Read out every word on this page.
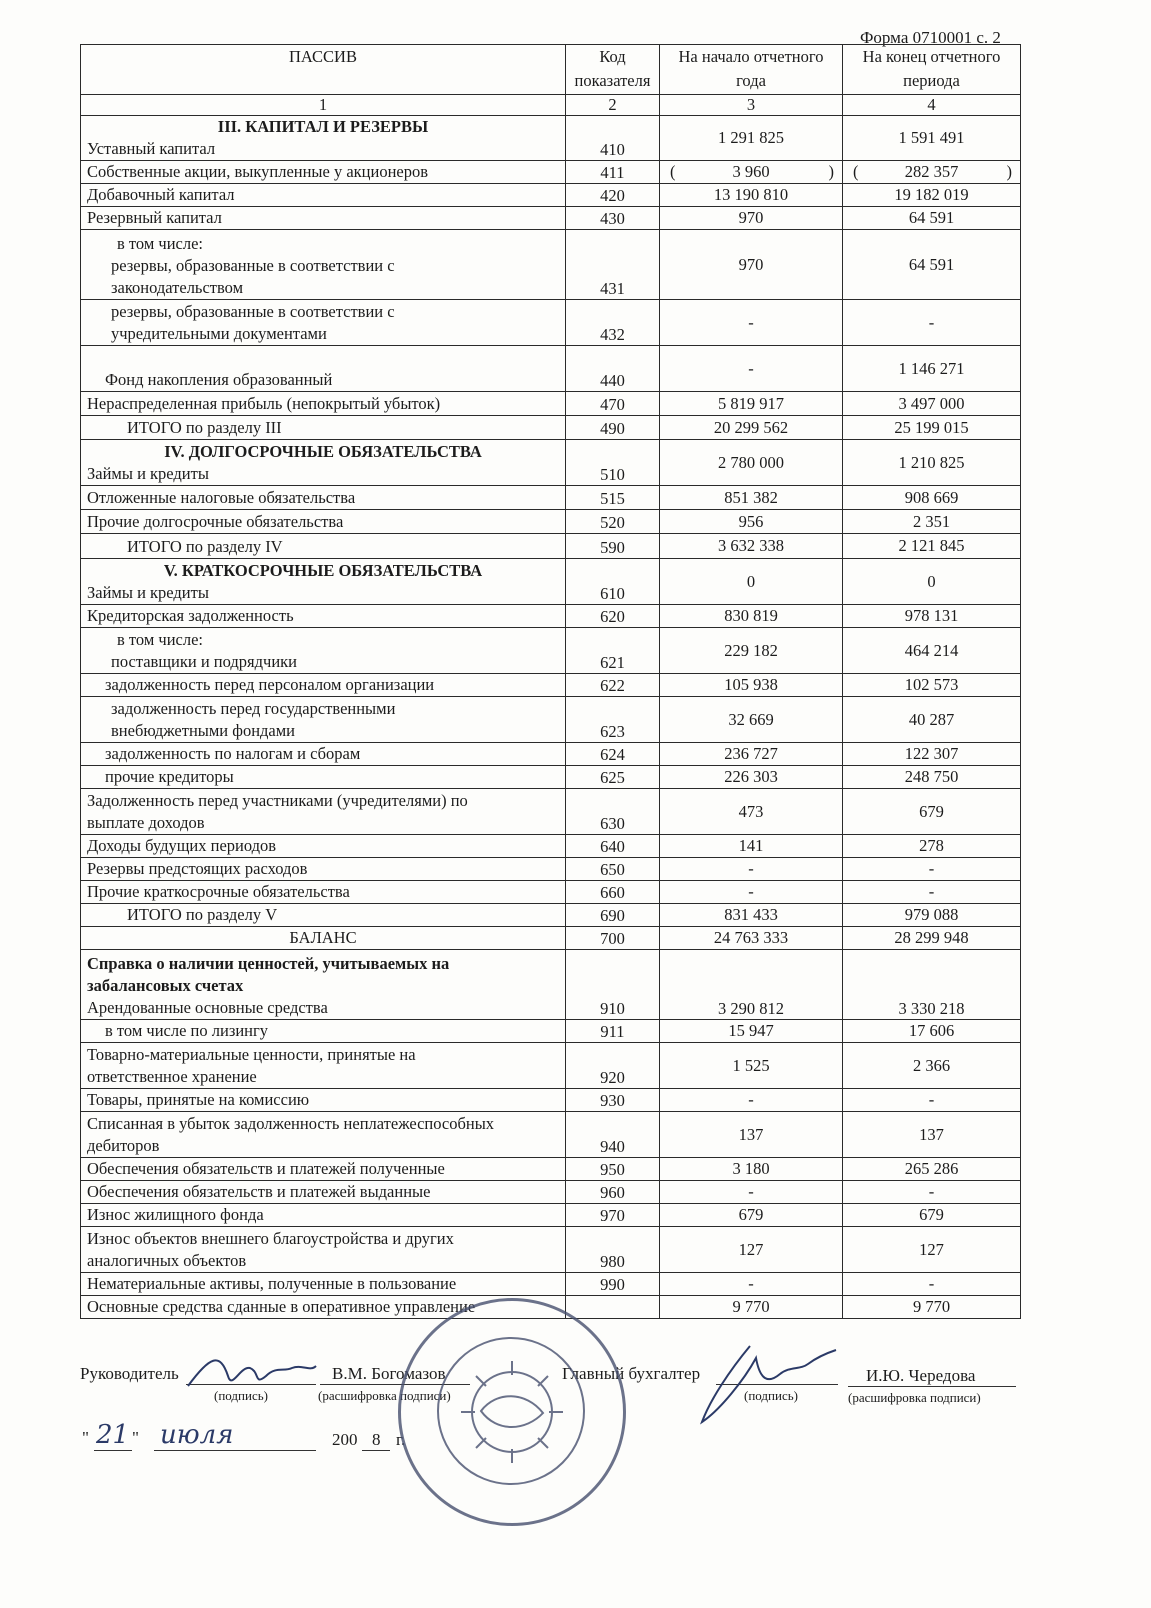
Форма 0710001 с. 2
ПАССИВ	Код показателя	На начало отчетного года	На конец отчетного периода
1	2	3	4

III. КАПИТАЛ И РЕЗЕРВЫ
Уставный капитал	410	1 291 825	1 591 491
Собственные акции, выкупленные у акционеров	411	( 3 960 )	( 282 357 )

Добавочный капитал	420	13 190 810	19 182 019
Резервный капитал	430	970	64 591

в том числе:
резервы, образованные в соответствии с
законодательством	431	970	64 591

резервы, образованные в соответствии с
учредительными документами	432	-	-
Фонд накопления образованный	440	-	1 146 271
Нераспределенная прибыль (непокрытый убыток)	470	5 819 917	3 497 000
ИТОГО по разделу III	490	20 299 562	25 199 015

IV. ДОЛГОСРОЧНЫЕ ОБЯЗАТЕЛЬСТВА
Займы и кредиты	510	2 780 000	1 210 825
Отложенные налоговые обязательства	515	851 382	908 669
Прочие долгосрочные обязательства	520	956	2 351
ИТОГО по разделу IV	590	3 632 338	2 121 845

V. КРАТКОСРОЧНЫЕ ОБЯЗАТЕЛЬСТВА
Займы и кредиты	610	0	0
Кредиторская задолженность	620	830 819	978 131

в том числе:
поставщики и подрядчики	621	229 182	464 214
задолженность перед персоналом организации	622	105 938	102 573

задолженность перед государственными
внебюджетными фондами	623	32 669	40 287
задолженность по налогам и сборам	624	236 727	122 307
прочие кредиторы	625	226 303	248 750

Задолженность перед участниками (учредителями) по
выплате доходов	630	473	679
Доходы будущих периодов	640	141	278
Резервы предстоящих расходов	650	-	-
Прочие краткосрочные обязательства	660	-	-
ИТОГО по разделу V	690	831 433	979 088
БАЛАНС	700	24 763 333	28 299 948

Справка о наличии ценностей, учитываемых на
забалансовых счетах
Арендованные основные средства	910	3 290 812	3 330 218
в том числе по лизингу	911	15 947	17 606

Товарно-материальные ценности, принятые на
ответственное хранение	920	1 525	2 366
Товары, принятые на комиссию	930	-	-

Списанная в убыток задолженность неплатежеспособных
дебиторов	940	137	137
Обеспечения обязательств и платежей полученные	950	3 180	265 286
Обеспечения обязательств и платежей выданные	960	-	-
Износ жилищного фонда	970	679	679

Износ объектов внешнего благоустройства и других
аналогичных объектов	980	127	127
Нематериальные активы, полученные в пользование	990	-	-
Основные средства сданные в оперативное управление		9 770	9 770
Руководитель	В.М. Богомазов
(подпись)	(расшифровка подписи)
Главный бухгалтер	И.Ю. Чередова
(подпись)	(расшифровка подписи)
" 21 " июля	200 8 г.
